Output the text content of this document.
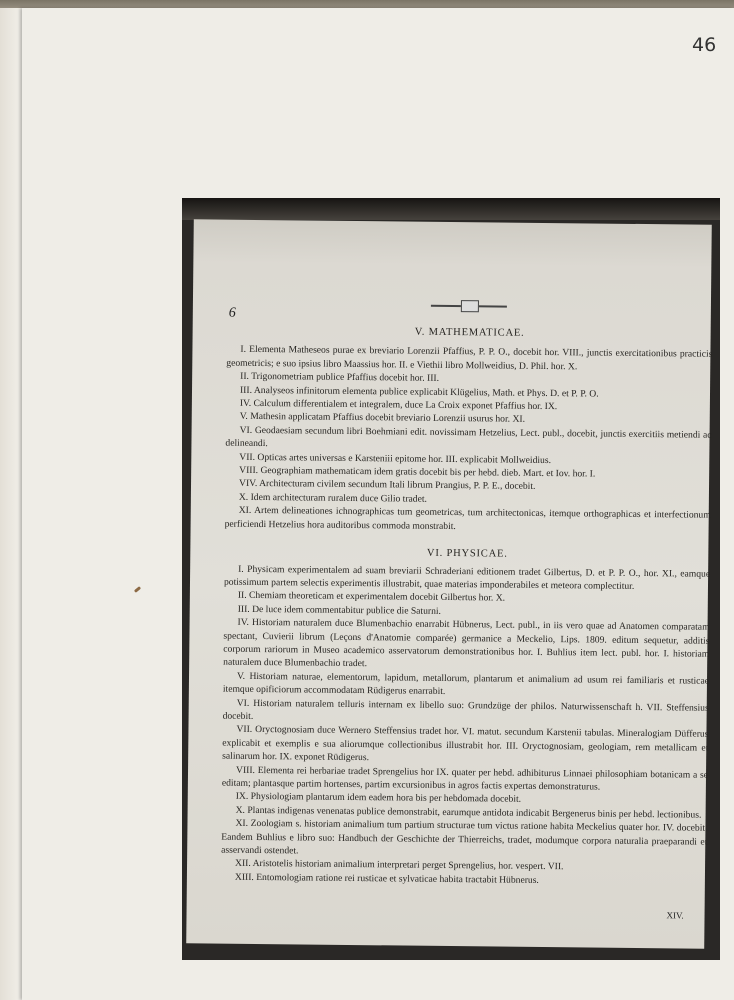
46
6
V. MATHEMATICAE.

I. Elementa Matheseos purae ex breviario Lorenzii Pfaffius, P. P. O., docebit hor. VIII., junctis exercitationibus practicis geometricis; e suo ipsius libro Maassius hor. II. e Viethii libro Mollweidius, D. Phil. hor. X.

II. Trigonometriam publice Pfaffius docebit hor. III.

III. Analyseos infinitorum elementa publice explicabit Klügelius, Math. et Phys. D. et P. P. O.

IV. Calculum differentialem et integralem, duce La Croix exponet Pfaffius hor. IX.

V. Mathesin applicatam Pfaffius docebit breviario Lorenzii usurus hor. XI.

VI. Geodaesiam secundum libri Boehmiani edit. novissimam Hetzelius, Lect. publ., docebit, junctis exercitiis metiendi ac delineandi.

VII. Opticas artes universas e Karsteniii epitome hor. III. explicabit Mollweidius.

VIII. Geographiam mathematicam idem gratis docebit bis per hebd. dieb. Mart. et Iov. hor. I.

VIV. Architecturam civilem secundum Itali librum Prangius, P. P. E., docebit.

X. Idem architecturam ruralem duce Gilio tradet.

XI. Artem delineationes ichnographicas tum geometricas, tum architectonicas, itemque orthographicas et interfectionum perficiendi Hetzelius hora auditoribus commoda monstrabit.

VI. PHYSICAE.

I. Physicam experimentalem ad suam breviarii Schraderiani editionem tradet Gilbertus, D. et P. P. O., hor. XI., eamque potissimum partem selectis experimentis illustrabit, quae materias imponderabiles et meteora complectitur.

II. Chemiam theoreticam et experimentalem docebit Gilbertus hor. X.

III. De luce idem commentabitur publice die Saturni.

IV. Historiam naturalem duce Blumenbachio enarrabit Hübnerus, Lect. publ., in iis vero quae ad Anatomen comparatam spectant, Cuvierii librum (Leçons d'Anatomie comparée) germanice a Meckelio, Lips. 1809. editum sequetur, additis corporum rariorum in Museo academico asservatorum demonstrationibus hor. I. Buhlius item lect. publ. hor. I. historiam naturalem duce Blumenbachio tradet.

V. Historiam naturae, elementorum, lapidum, metallorum, plantarum et animalium ad usum rei familiaris et rusticae itemque opificiorum accommodatam Rüdigerus enarrabit.

VI. Historiam naturalem telluris internam ex libello suo: Grundzüge der philos. Naturwissenschaft h. VII. Steffensius docebit.

VII. Oryctognosiam duce Wernero Steffensius tradet hor. VI. matut. secundum Karstenii tabulas. Mineralogiam Düfferus explicabit et exemplis e sua aliorumque collectionibus illustrabit hor. III. Oryctognosiam, geologiam, rem metallicam et salinarum hor. IX. exponet Rüdigerus.

VIII. Elementa rei herbariae tradet Sprengelius hor IX. quater per hebd. adhibiturus Linnaei philosophiam botanicam a se editam; plantasque partim hortenses, partim excursionibus in agros factis expertas demonstraturus.

IX. Physiologiam plantarum idem eadem hora bis per hebdomada docebit.

X. Plantas indigenas venenatas publice demonstrabit, earumque antidota indicabit Bergenerus binis per hebd. lectionibus.

XI. Zoologiam s. historiam animalium tum partium structurae tum victus ratione habita Meckelius quater hor. IV. docebit. Eandem Buhlius e libro suo: Handbuch der Geschichte der Thierreichs, tradet, modumque corpora naturalia praeparandi et asservandi ostendet.

XII. Aristotelis historiam animalium interpretari perget Sprengelius, hor. vespert. VII.

XIII. Entomologiam ratione rei rusticae et sylvaticae habita tractabit Hübnerus.

XIV.
